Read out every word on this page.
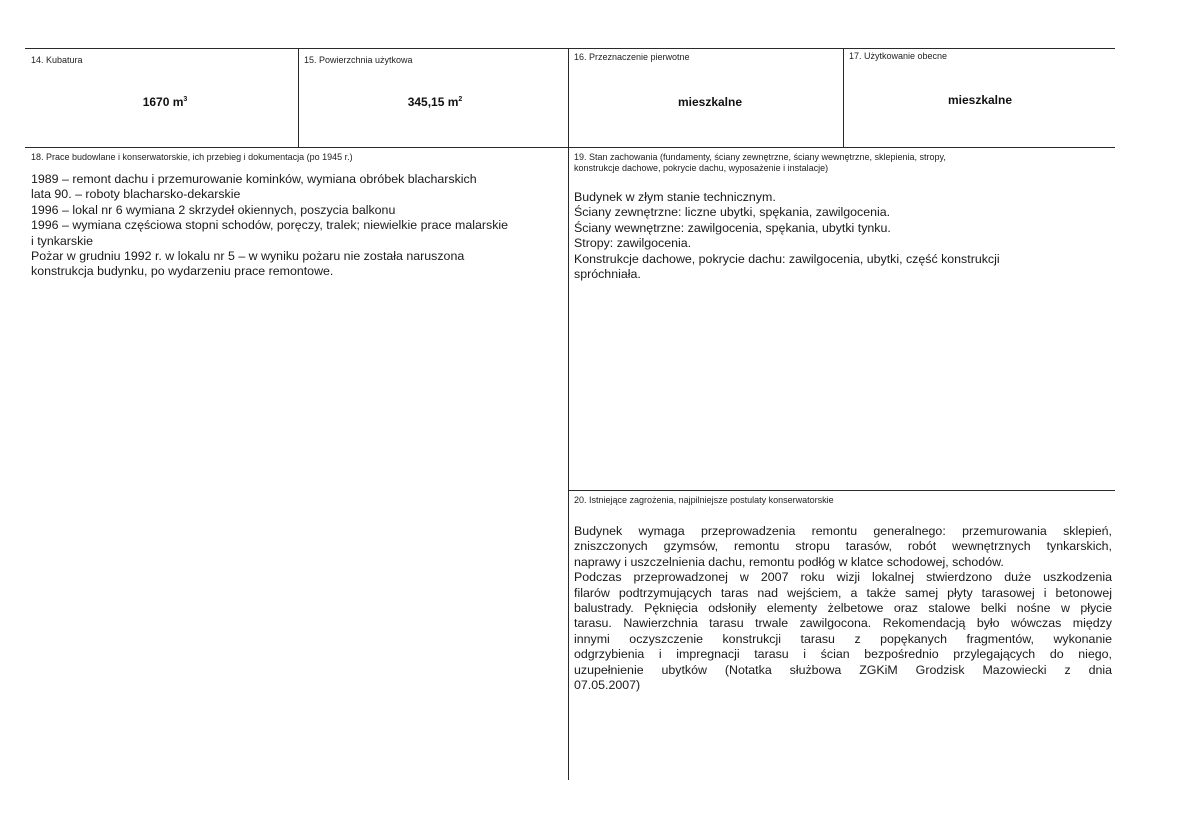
14. Kubatura
1670 $m^3$
15. Powierzchnia użytkowa
345,15 $m^2$
16. Przeznaczenie pierwotne
mieszkalne
17. Użytkowanie obecne
mieszkalne
18. Prace budowlane i konserwatorskie, ich przebieg i dokumentacja (po 1945 r.)
1989 – remont dachu i przemurowanie kominków, wymiana obróbek blacharskich
lata 90. – roboty blacharsko-dekarskie
1996 – lokal nr 6 wymiana 2 skrzydeł okiennych, poszycia balkonu
1996 – wymiana częściowa stopni schodów, poręczy, tralek; niewielkie prace malarskie
i tynkarskie
Pożar w grudniu 1992 r. w lokalu nr 5 – w wyniku pożaru nie została naruszona
konstrukcja budynku, po wydarzeniu prace remontowe.
19. Stan zachowania (fundamenty, ściany zewnętrzne, ściany wewnętrzne, sklepienia, stropy,
konstrukcje dachowe, pokrycie dachu, wyposażenie i instalacje)
Budynek w złym stanie technicznym.
Ściany zewnętrzne: liczne ubytki, spękania, zawilgocenia.
Ściany wewnętrzne: zawilgocenia, spękania, ubytki tynku.
Stropy: zawilgocenia.
Konstrukcje dachowe, pokrycie dachu: zawilgocenia, ubytki, część konstrukcji
spróchniała.
20. Istniejące zagrożenia, najpilniejsze postulaty konserwatorskie
Budynek wymaga przeprowadzenia remontu generalnego: przemurowania sklepień,
zniszczonych gzymsów, remontu stropu tarasów, robót wewnętrznych tynkarskich,
naprawy i uszczelnienia dachu, remontu podłóg w klatce schodowej, schodów.
Podczas przeprowadzonej w 2007 roku wizji lokalnej stwierdzono duże uszkodzenia
filarów podtrzymujących taras nad wejściem, a także samej płyty tarasowej i betonowej
balustrady. Pęknięcia odsłoniły elementy żelbetowe oraz stalowe belki nośne w płycie
tarasu. Nawierzchnia tarasu trwale zawilgocona. Rekomendacją było wówczas między
innymi oczyszczenie konstrukcji tarasu z popękanych fragmentów, wykonanie
odgrzybienia i impregnacji tarasu i ścian bezpośrednio przylegających do niego,
uzupełnienie ubytków (Notatka służbowa ZGKiM Grodzisk Mazowiecki z dnia
07.05.2007)
